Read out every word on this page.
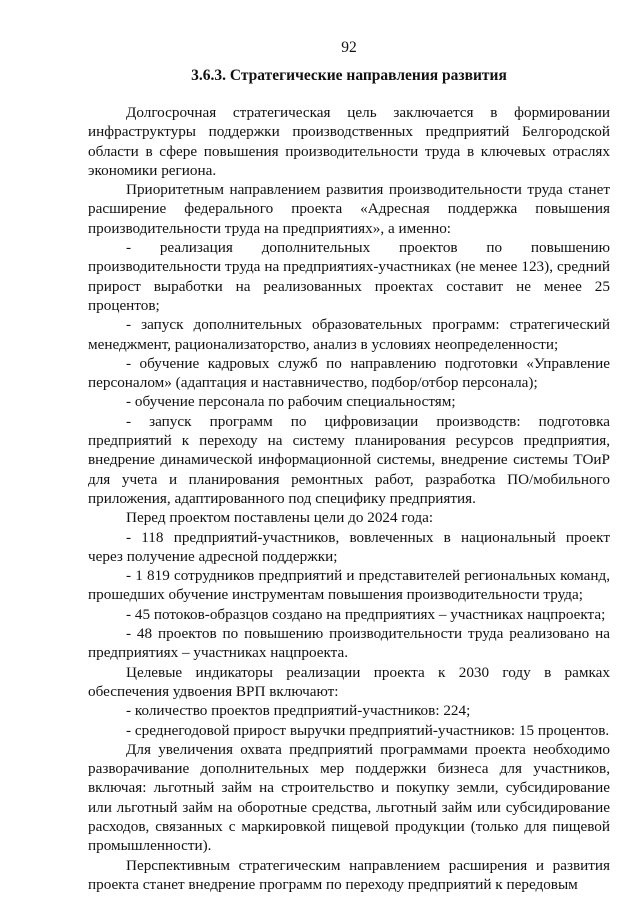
92
3.6.3. Стратегические направления развития

Долгосрочная стратегическая цель заключается в формировании инфраструктуры поддержки производственных предприятий Белгородской области в сфере повышения производительности труда в ключевых отраслях экономики региона.

Приоритетным направлением развития производительности труда станет расширение федерального проекта «Адресная поддержка повышения производительности труда на предприятиях», а именно:

- реализация дополнительных проектов по повышению производительности труда на предприятиях-участниках (не менее 123), средний прирост выработки на реализованных проектах составит не менее 25 процентов;

- запуск дополнительных образовательных программ: стратегический менеджмент, рационализаторство, анализ в условиях неопределенности;

- обучение кадровых служб по направлению подготовки «Управление персоналом» (адаптация и наставничество, подбор/отбор персонала);

- обучение персонала по рабочим специальностям;

- запуск программ по цифровизации производств: подготовка предприятий к переходу на систему планирования ресурсов предприятия, внедрение динамической информационной системы, внедрение системы ТОиР для учета и планирования ремонтных работ, разработка ПО/мобильного приложения, адаптированного под специфику предприятия.

Перед проектом поставлены цели до 2024 года:

- 118 предприятий-участников, вовлеченных в национальный проект через получение адресной поддержки;

- 1 819 сотрудников предприятий и представителей региональных команд, прошедших обучение инструментам повышения производительности труда;

- 45 потоков-образцов создано на предприятиях – участниках нацпроекта;

- 48 проектов по повышению производительности труда реализовано на предприятиях – участниках нацпроекта.

Целевые индикаторы реализации проекта к 2030 году в рамках обеспечения удвоения ВРП включают:

- количество проектов предприятий-участников: 224;

- среднегодовой прирост выручки предприятий-участников: 15 процентов.

Для увеличения охвата предприятий программами проекта необходимо разворачивание дополнительных мер поддержки бизнеса для участников, включая: льготный займ на строительство и покупку земли, субсидирование или льготный займ на оборотные средства, льготный займ или субсидирование расходов, связанных с маркировкой пищевой продукции (только для пищевой промышленности).

Перспективным стратегическим направлением расширения и развития проекта станет внедрение программ по переходу предприятий к передовым
